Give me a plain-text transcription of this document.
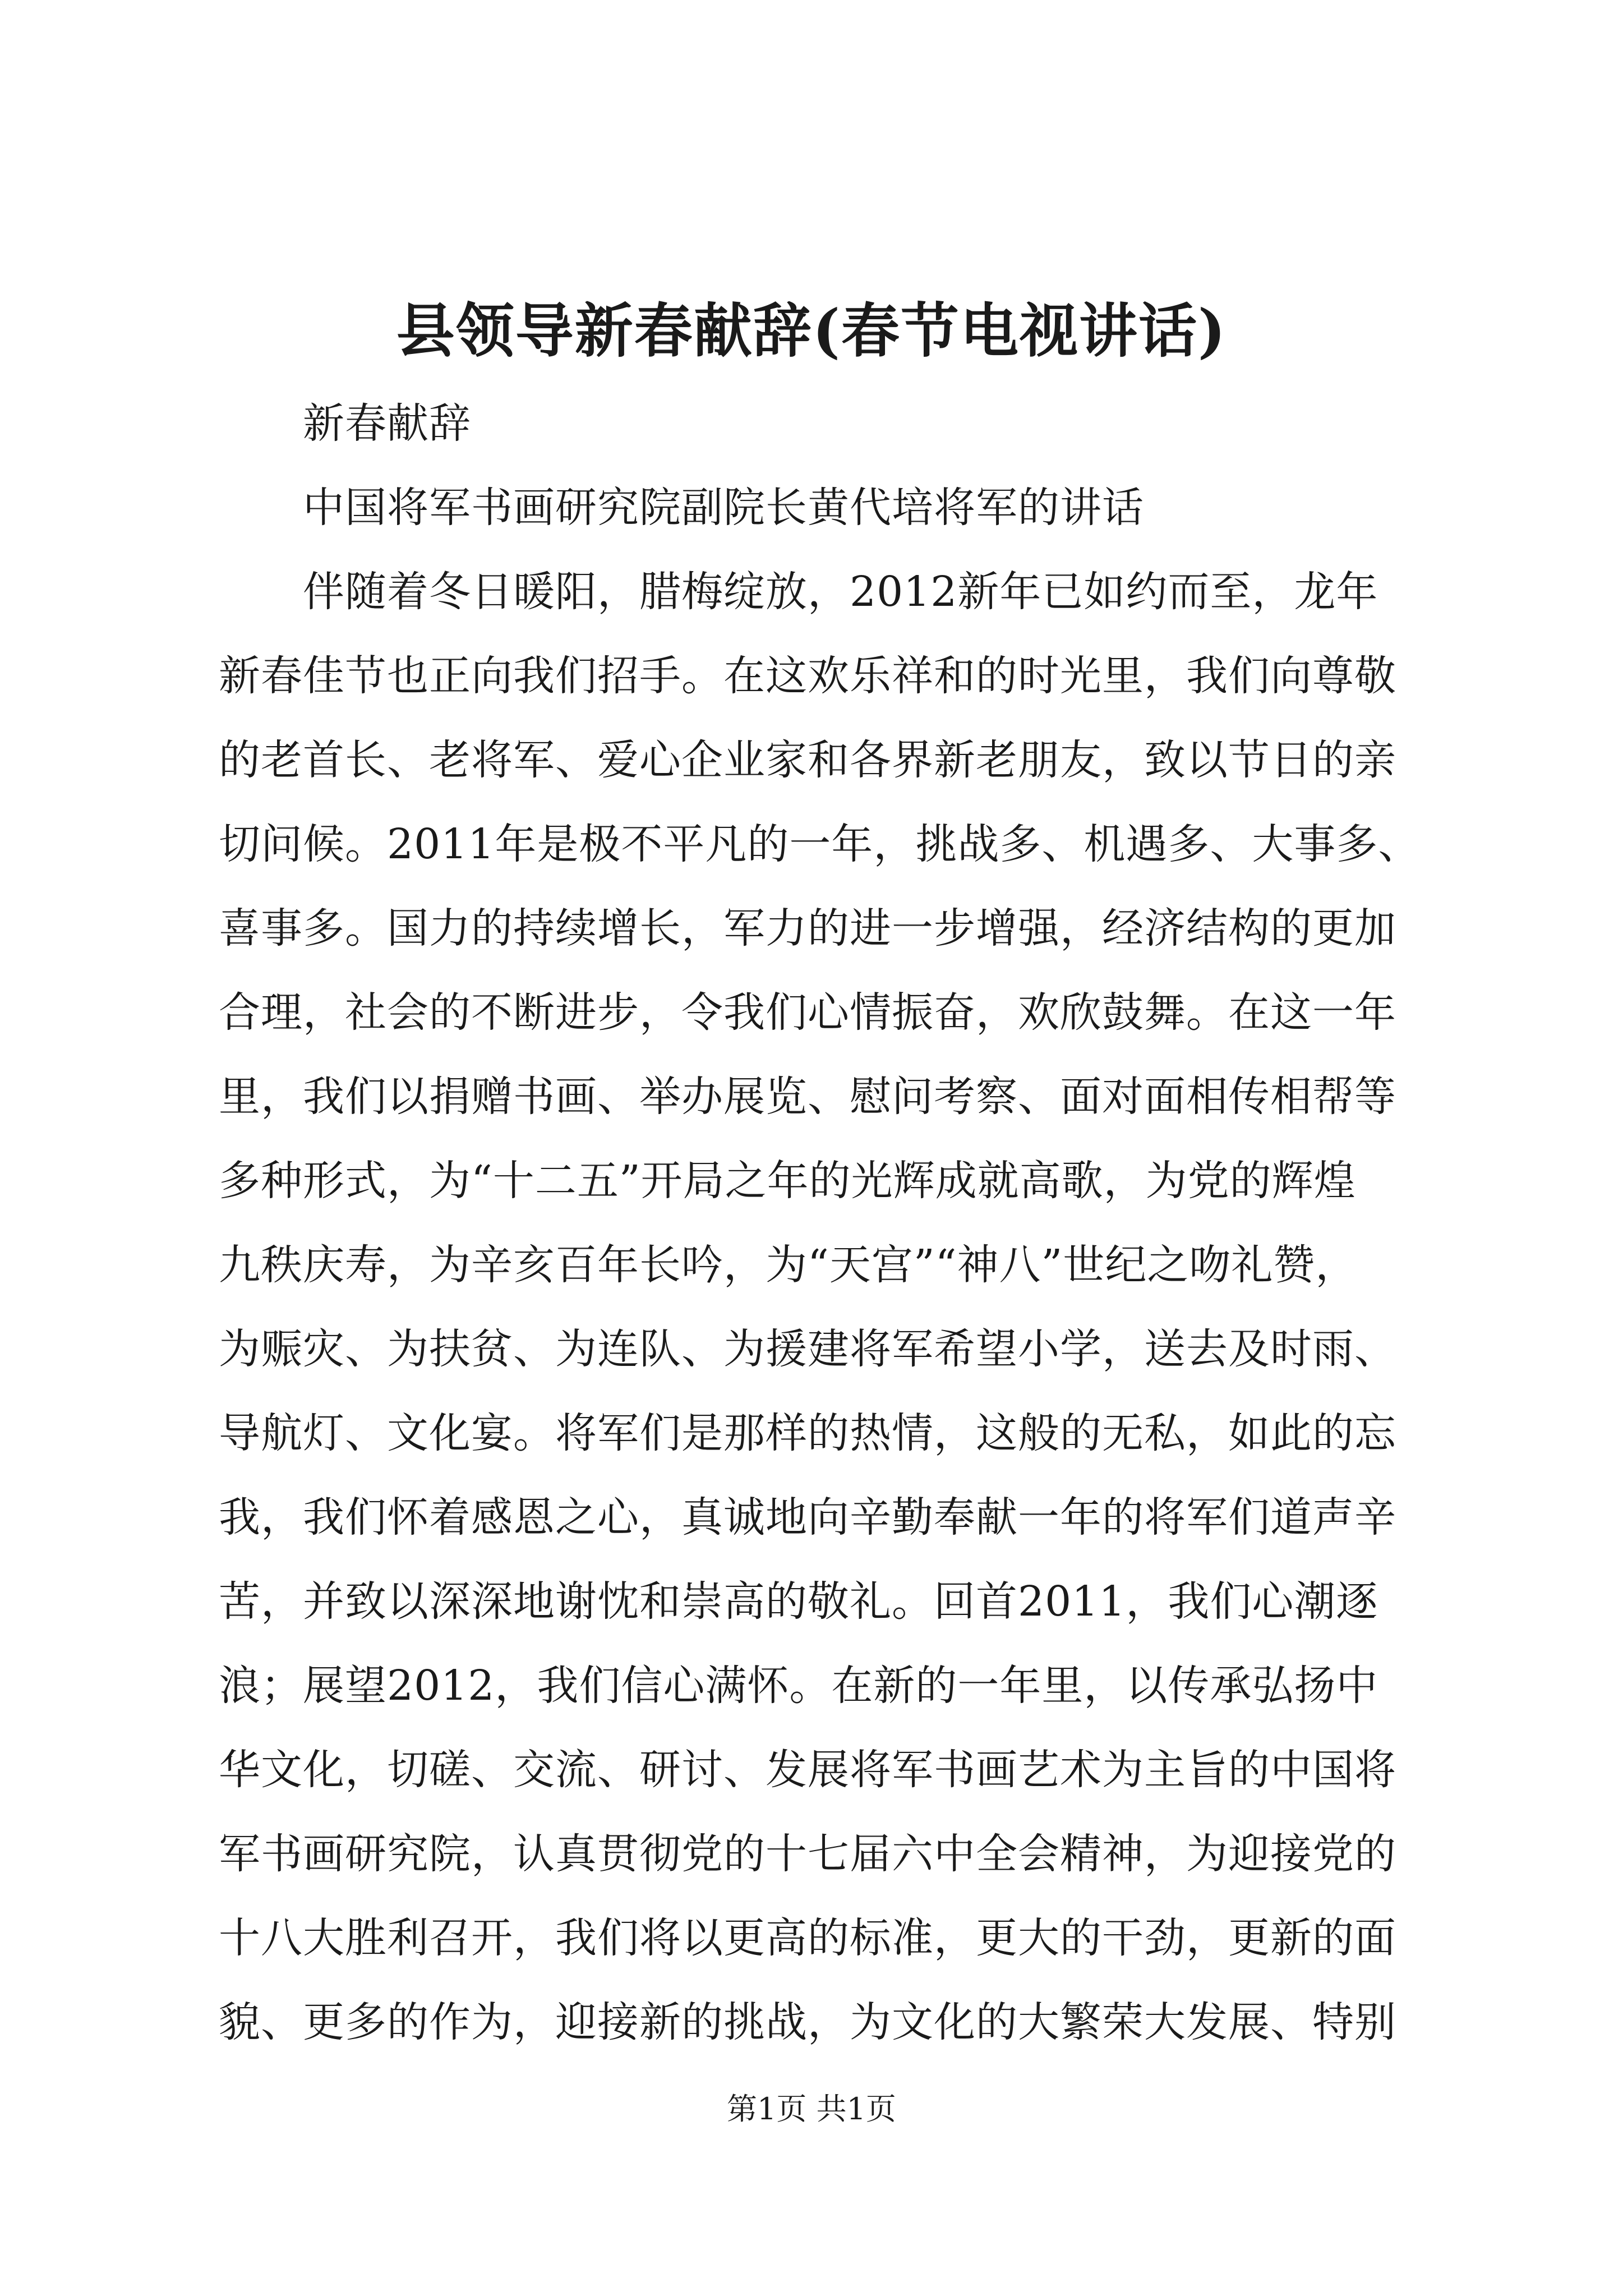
县领导新春献辞(春节电视讲话)
新春献辞
中国将军书画研究院副院长黄代培将军的讲话
伴随着冬日暖阳，腊梅绽放，2012新年已如约而至，龙年
新春佳节也正向我们招手。在这欢乐祥和的时光里，我们向尊敬
的老首长、老将军、爱心企业家和各界新老朋友，致以节日的亲
切问候。2011年是极不平凡的一年，挑战多、机遇多、大事多、
喜事多。国力的持续增长，军力的进一步增强，经济结构的更加
合理，社会的不断进步，令我们心情振奋，欢欣鼓舞。在这一年
里，我们以捐赠书画、举办展览、慰问考察、面对面相传相帮等
多种形式，为“十二五”开局之年的光辉成就高歌，为党的辉煌
九秩庆寿，为辛亥百年长吟，为“天宫”“神八”世纪之吻礼赞，
为赈灾、为扶贫、为连队、为援建将军希望小学，送去及时雨、
导航灯、文化宴。将军们是那样的热情，这般的无私，如此的忘
我，我们怀着感恩之心，真诚地向辛勤奉献一年的将军们道声辛
苦，并致以深深地谢忱和崇高的敬礼。回首2011，我们心潮逐
浪；展望2012，我们信心满怀。在新的一年里，以传承弘扬中
华文化，切磋、交流、研讨、发展将军书画艺术为主旨的中国将
军书画研究院，认真贯彻党的十七届六中全会精神，为迎接党的
十八大胜利召开，我们将以更高的标准，更大的干劲，更新的面
貌、更多的作为，迎接新的挑战，为文化的大繁荣大发展、特别
第1页 共1页
